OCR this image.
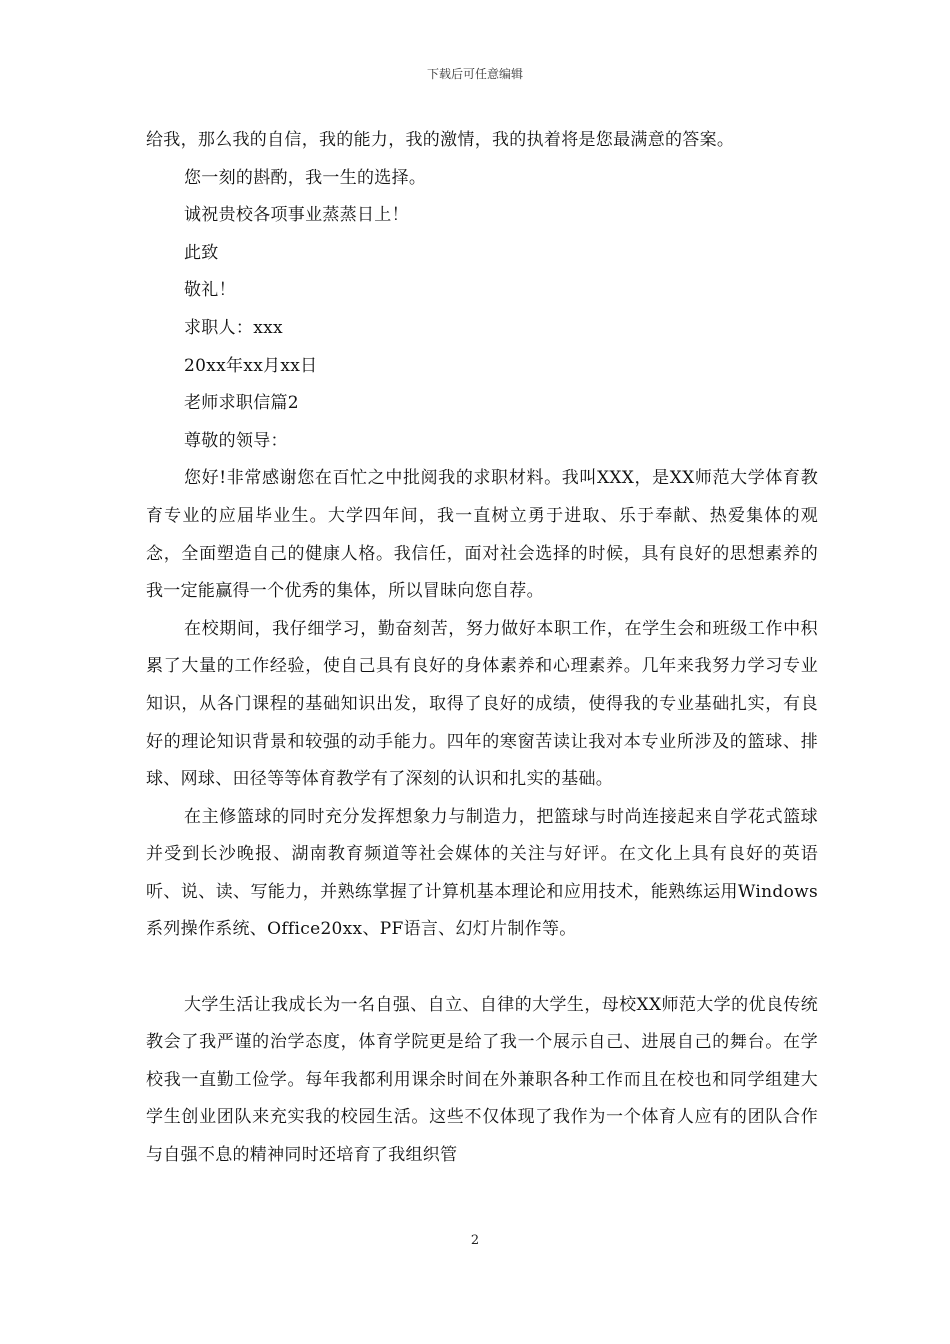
下载后可任意编辑
给我，那么我的自信，我的能力，我的激情，我的执着将是您最满意的答案。
您一刻的斟酌，我一生的选择。
诚祝贵校各项事业蒸蒸日上！
此致
敬礼！
求职人：xxx
20xx年xx月xx日
老师求职信篇2
尊敬的领导：
您好!非常感谢您在百忙之中批阅我的求职材料。我叫XXX，是XX师范大学体育教育专业的应届毕业生。大学四年间，我一直树立勇于进取、乐于奉献、热爱集体的观念，全面塑造自己的健康人格。我信任，面对社会选择的时候，具有良好的思想素养的我一定能赢得一个优秀的集体，所以冒昧向您自荐。
在校期间，我仔细学习，勤奋刻苦，努力做好本职工作，在学生会和班级工作中积累了大量的工作经验，使自己具有良好的身体素养和心理素养。几年来我努力学习专业知识，从各门课程的基础知识出发，取得了良好的成绩，使得我的专业基础扎实，有良好的理论知识背景和较强的动手能力。四年的寒窗苦读让我对本专业所涉及的篮球、排球、网球、田径等等体育教学有了深刻的认识和扎实的基础。
在主修篮球的同时充分发挥想象力与制造力，把篮球与时尚连接起来自学花式篮球并受到长沙晚报、湖南教育频道等社会媒体的关注与好评。在文化上具有良好的英语听、说、读、写能力，并熟练掌握了计算机基本理论和应用技术，能熟练运用Windows系列操作系统、Office20xx、PF语言、幻灯片制作等。
大学生活让我成长为一名自强、自立、自律的大学生，母校XX师范大学的优良传统教会了我严谨的治学态度，体育学院更是给了我一个展示自己、进展自己的舞台。在学校我一直勤工俭学。每年我都利用课余时间在外兼职各种工作而且在校也和同学组建大学生创业团队来充实我的校园生活。这些不仅体现了我作为一个体育人应有的团队合作与自强不息的精神同时还培育了我组织管
2
